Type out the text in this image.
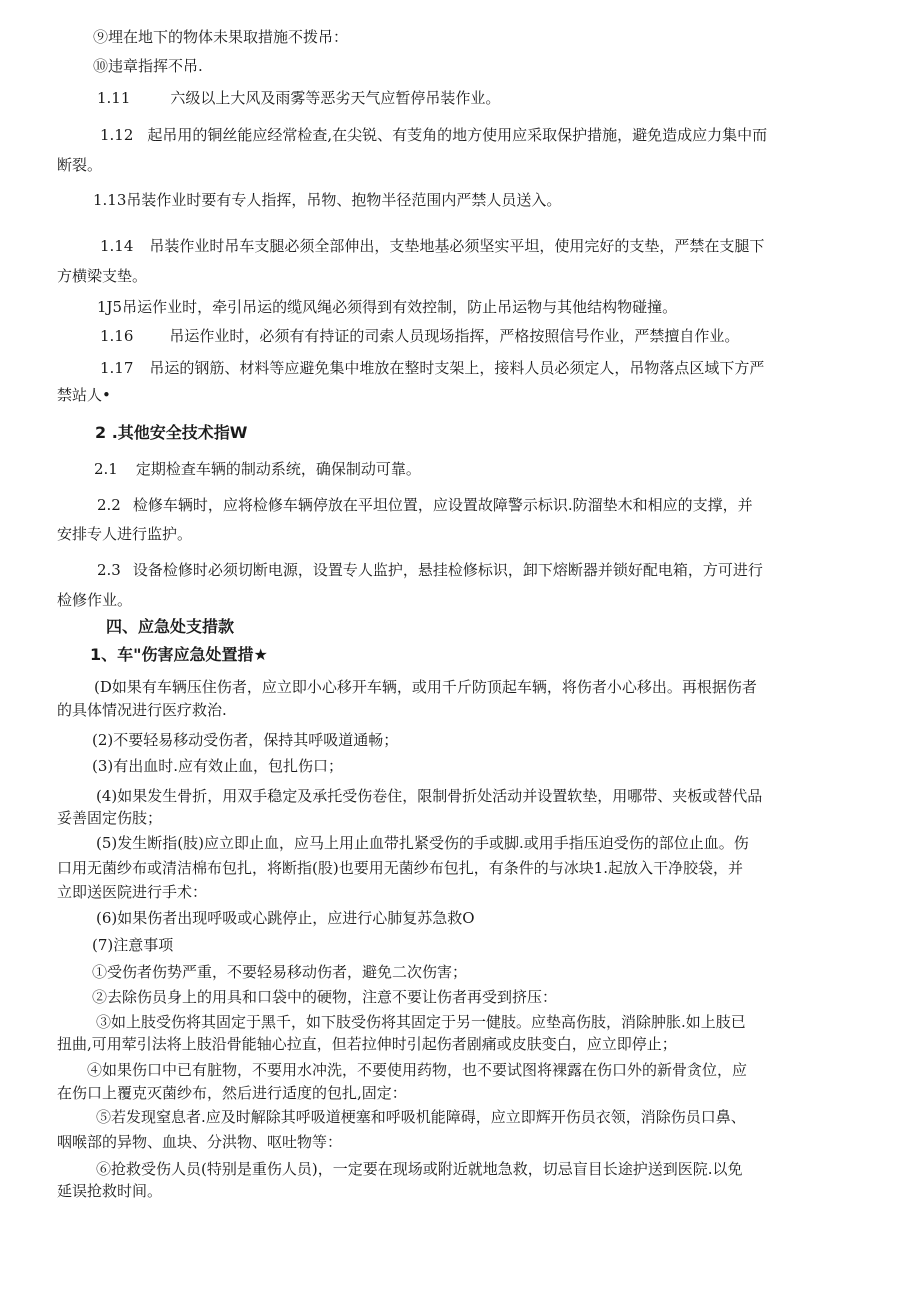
⑨埋在地下的物体未果取措施不拨吊：
⑩违章指挥不吊.
1.11	六级以上大风及雨雾等恶劣天气应暂停吊装作业。
1.12 起吊用的铜丝能应经常检查,在尖锐、有芰角的地方使用应采取保护措施，避免造成应力集中而
断裂。
1.13吊装作业时要有专人指挥，吊物、抱物半径范围内严禁人员送入。
1.14 吊装作业时吊车支腿必须全部伸出，支垫地基必须坚实平坦，使用完好的支垫，严禁在支腿下
方横梁支垫。
1J5吊运作业时，牵引吊运的缆风绳必须得到有效控制，防止吊运物与其他结构物碰撞。
1.16 吊运作业时，必须有有持证的司索人员现场指挥，严格按照信号作业，严禁擅自作业。
1.17 吊运的钢筋、材料等应避免集中堆放在整时支架上，接料人员必须定人，吊物落点区域下方严
禁站人•
2 .其他安全技术指W
2.1 定期检查车辆的制动系统，确保制动可靠。
2.2 检修车辆时，应将检修车辆停放在平坦位置，应设置故障警示标识.防溜垫木和相应的支撑，并
安排专人进行监护。
2.3 设备检修时必须切断电源，设置专人监护，悬挂检修标识，卸下熔断器并锁好配电箱，方可进行
检修作业。
四、应急处支措款
1、车"伤害应急处置措★
(D如果有车辆压住伤者，应立即小心移开车辆，或用千斤防顶起车辆，将伤者小心移出。再根据伤者
的具体情况进行医疗救治.
(2)不要轻易移动受伤者，保持其呼吸道通畅；
(3)有出血时.应有效止血，包扎伤口；
(4)如果发生骨折，用双手稳定及承托受伤卷住，限制骨折处活动并设置软垫，用哪带、夹板或替代品
妥善固定伤肢；
(5)发生断指(肢)应立即止血，应马上用止血带扎紧受伤的手或脚.或用手指压迫受伤的部位止血。伤
口用无菌纱布或清洁棉布包扎，将断指(股)也要用无菌纱布包扎，有条件的与冰块1.起放入干净胶袋，并
立即送医院进行手术：
(6)如果伤者出现呼吸或心跳停止，应进行心肺复苏急救O
(7)注意事项
①受伤者伤势严重，不要轻易移动伤者，避免二次伤害；
②去除伤员身上的用具和口袋中的硬物，注意不要让伤者再受到挤压：
③如上肢受伤将其固定于黑千，如下肢受伤将其固定于另一健肢。应垫高伤肢，消除肿胀.如上肢已
扭曲,可用荤引法将上肢沿骨能轴心拉直，但若拉伸时引起伤者剧痛或皮肤变白，应立即停止；
④如果伤口中已有脏物，不要用水冲洗，不要使用药物，也不要试图将裸露在伤口外的新骨贪位，应
在伤口上覆克灭菌纱布，然后进行适度的包扎,固定：
⑤若发现窒息者.应及时解除其呼吸道梗塞和呼吸机能障碍，应立即辉开伤员衣领，消除伤员口鼻、
咽喉部的异物、血块、分洪物、呕吐物等：
⑥抢救受伤人员(特别是重伤人员)，一定要在现场或附近就地急救，切忌盲目长途护送到医院.以免
延误抢救时间。
